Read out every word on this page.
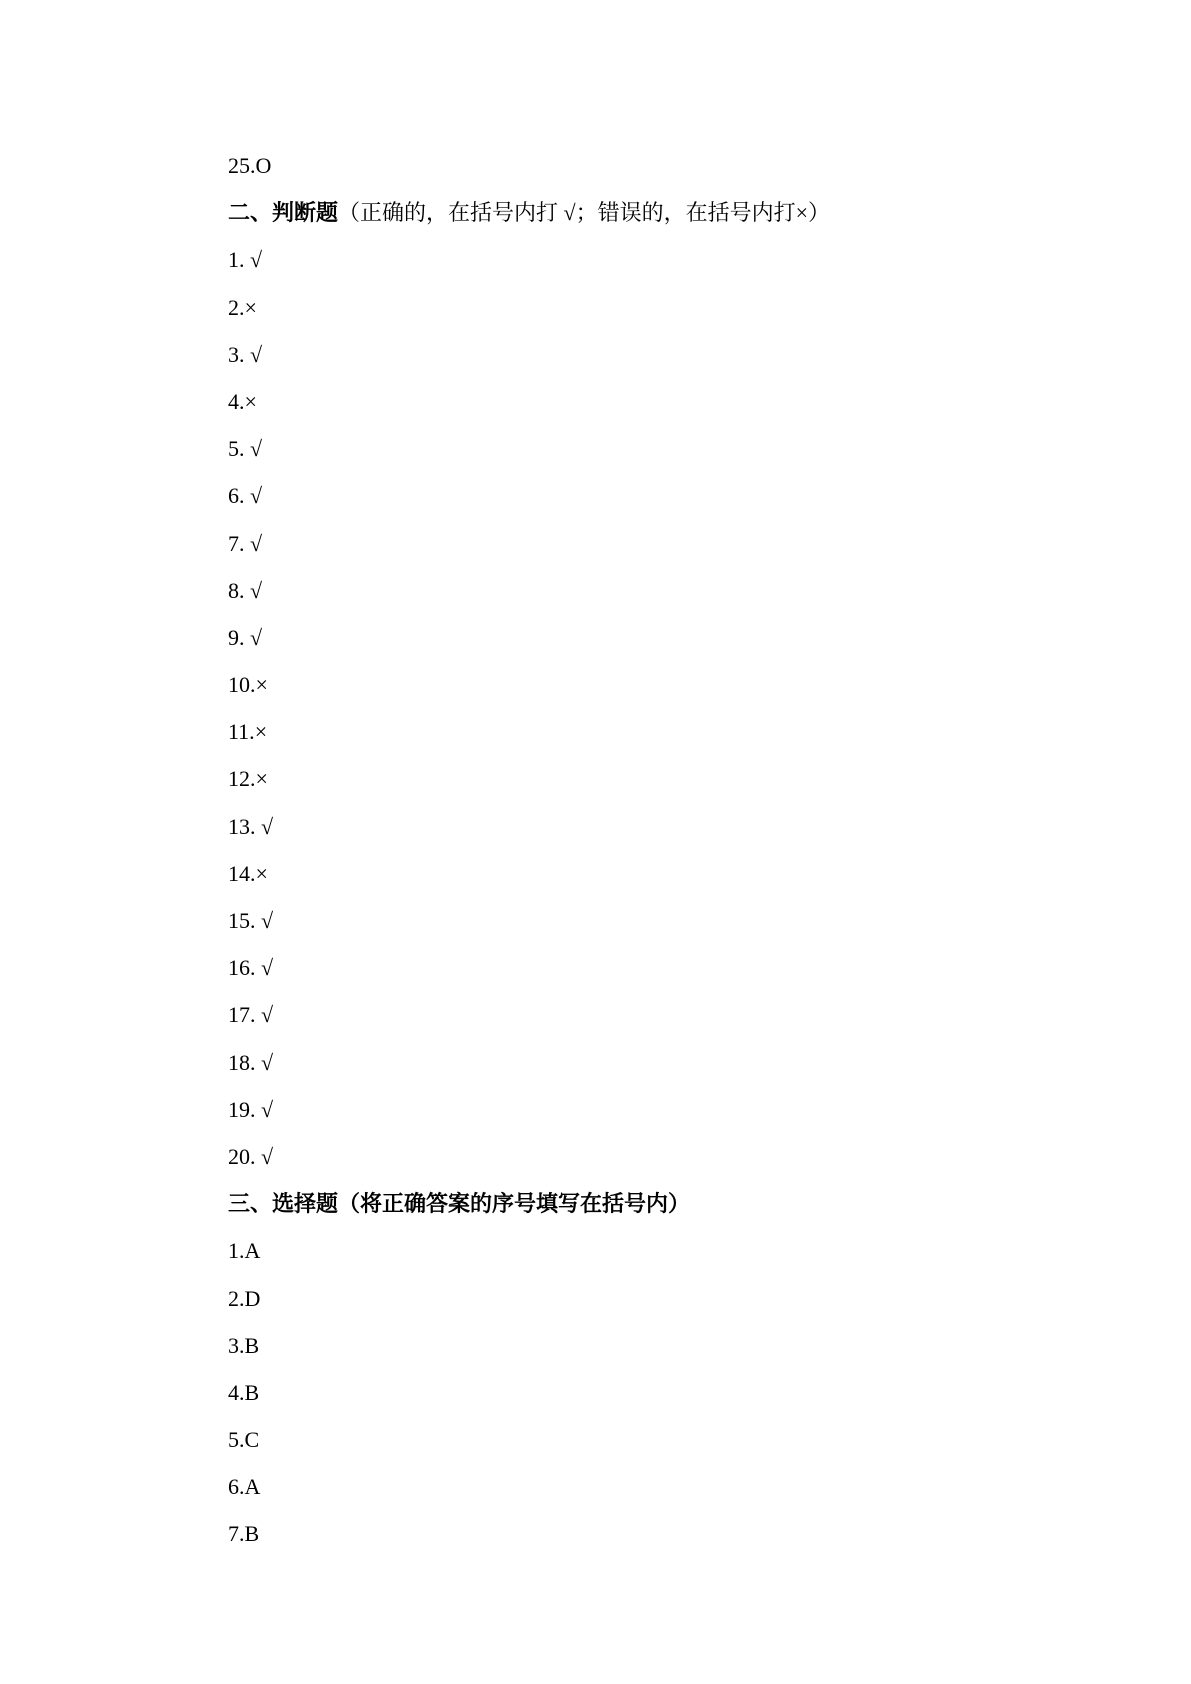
25.O
二、判断题（正确的，在括号内打 √；错误的，在括号内打×）
1. √
2.×
3. √
4.×
5. √
6. √
7. √
8. √
9. √
10.×
11.×
12.×
13. √
14.×
15. √
16. √
17. √
18. √
19. √
20. √
三、选择题（将正确答案的序号填写在括号内）
1.A
2.D
3.B
4.B
5.C
6.A
7.B
